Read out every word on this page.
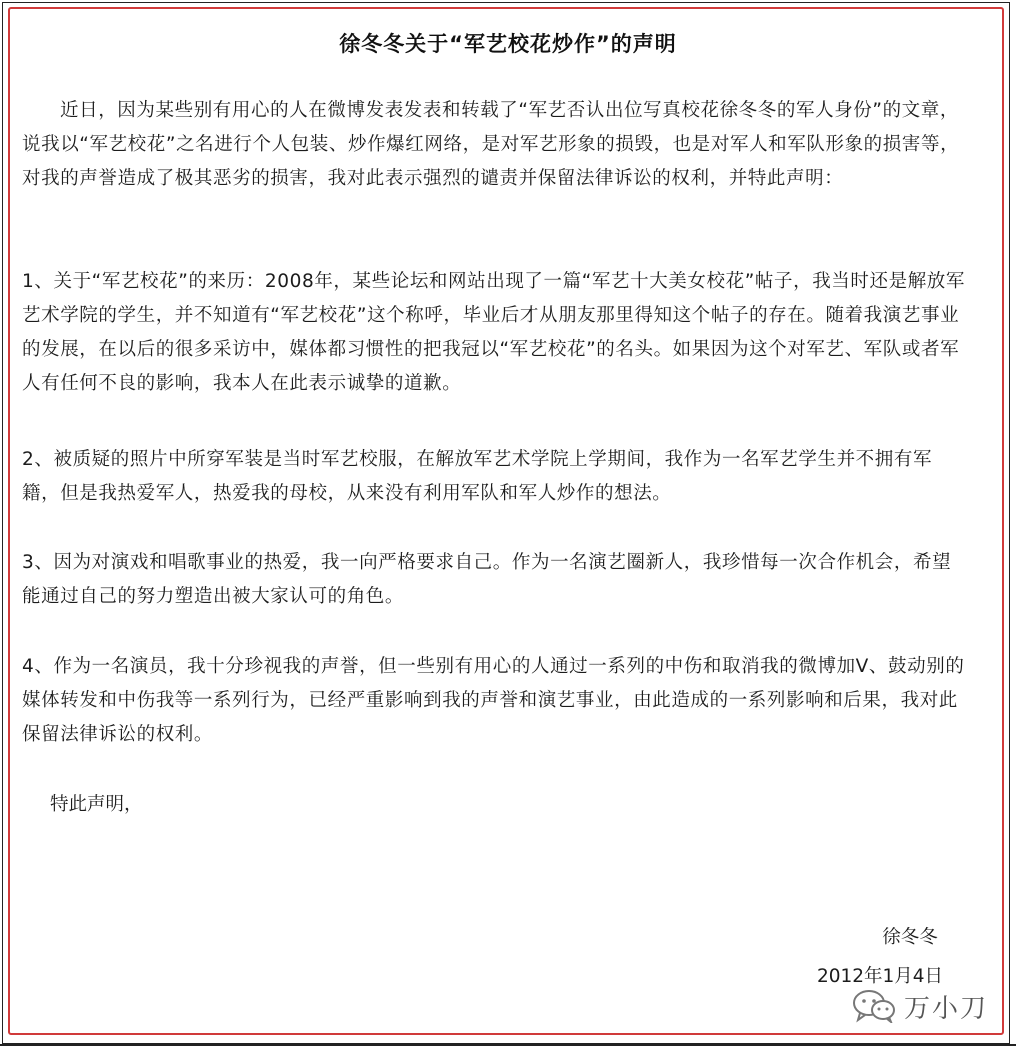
徐冬冬关于“军艺校花炒作”的声明

近日，因为某些别有用心的人在微博发表发表和转载了“军艺否认出位写真校花徐冬冬的军人身份”的文章，说我以“军艺校花”之名进行个人包装、炒作爆红网络，是对军艺形象的损毁，也是对军人和军队形象的损害等，对我的声誉造成了极其恶劣的损害，我对此表示强烈的谴责并保留法律诉讼的权利，并特此声明：

1、关于“军艺校花”的来历：2008年，某些论坛和网站出现了一篇“军艺十大美女校花”帖子，我当时还是解放军艺术学院的学生，并不知道有“军艺校花”这个称呼，毕业后才从朋友那里得知这个帖子的存在。随着我演艺事业的发展，在以后的很多采访中，媒体都习惯性的把我冠以“军艺校花”的名头。如果因为这个对军艺、军队或者军人有任何不良的影响，我本人在此表示诚挚的道歉。

2、被质疑的照片中所穿军装是当时军艺校服，在解放军艺术学院上学期间，我作为一名军艺学生并不拥有军籍，但是我热爱军人，热爱我的母校，从来没有利用军队和军人炒作的想法。

3、因为对演戏和唱歌事业的热爱，我一向严格要求自己。作为一名演艺圈新人，我珍惜每一次合作机会，希望能通过自己的努力塑造出被大家认可的角色。

4、作为一名演员，我十分珍视我的声誉，但一些别有用心的人通过一系列的中伤和取消我的微博加V、鼓动别的媒体转发和中伤我等一系列行为，已经严重影响到我的声誉和演艺事业，由此造成的一系列影响和后果，我对此保留法律诉讼的权利。

特此声明，
徐冬冬
2012年1月4日
万小刀
